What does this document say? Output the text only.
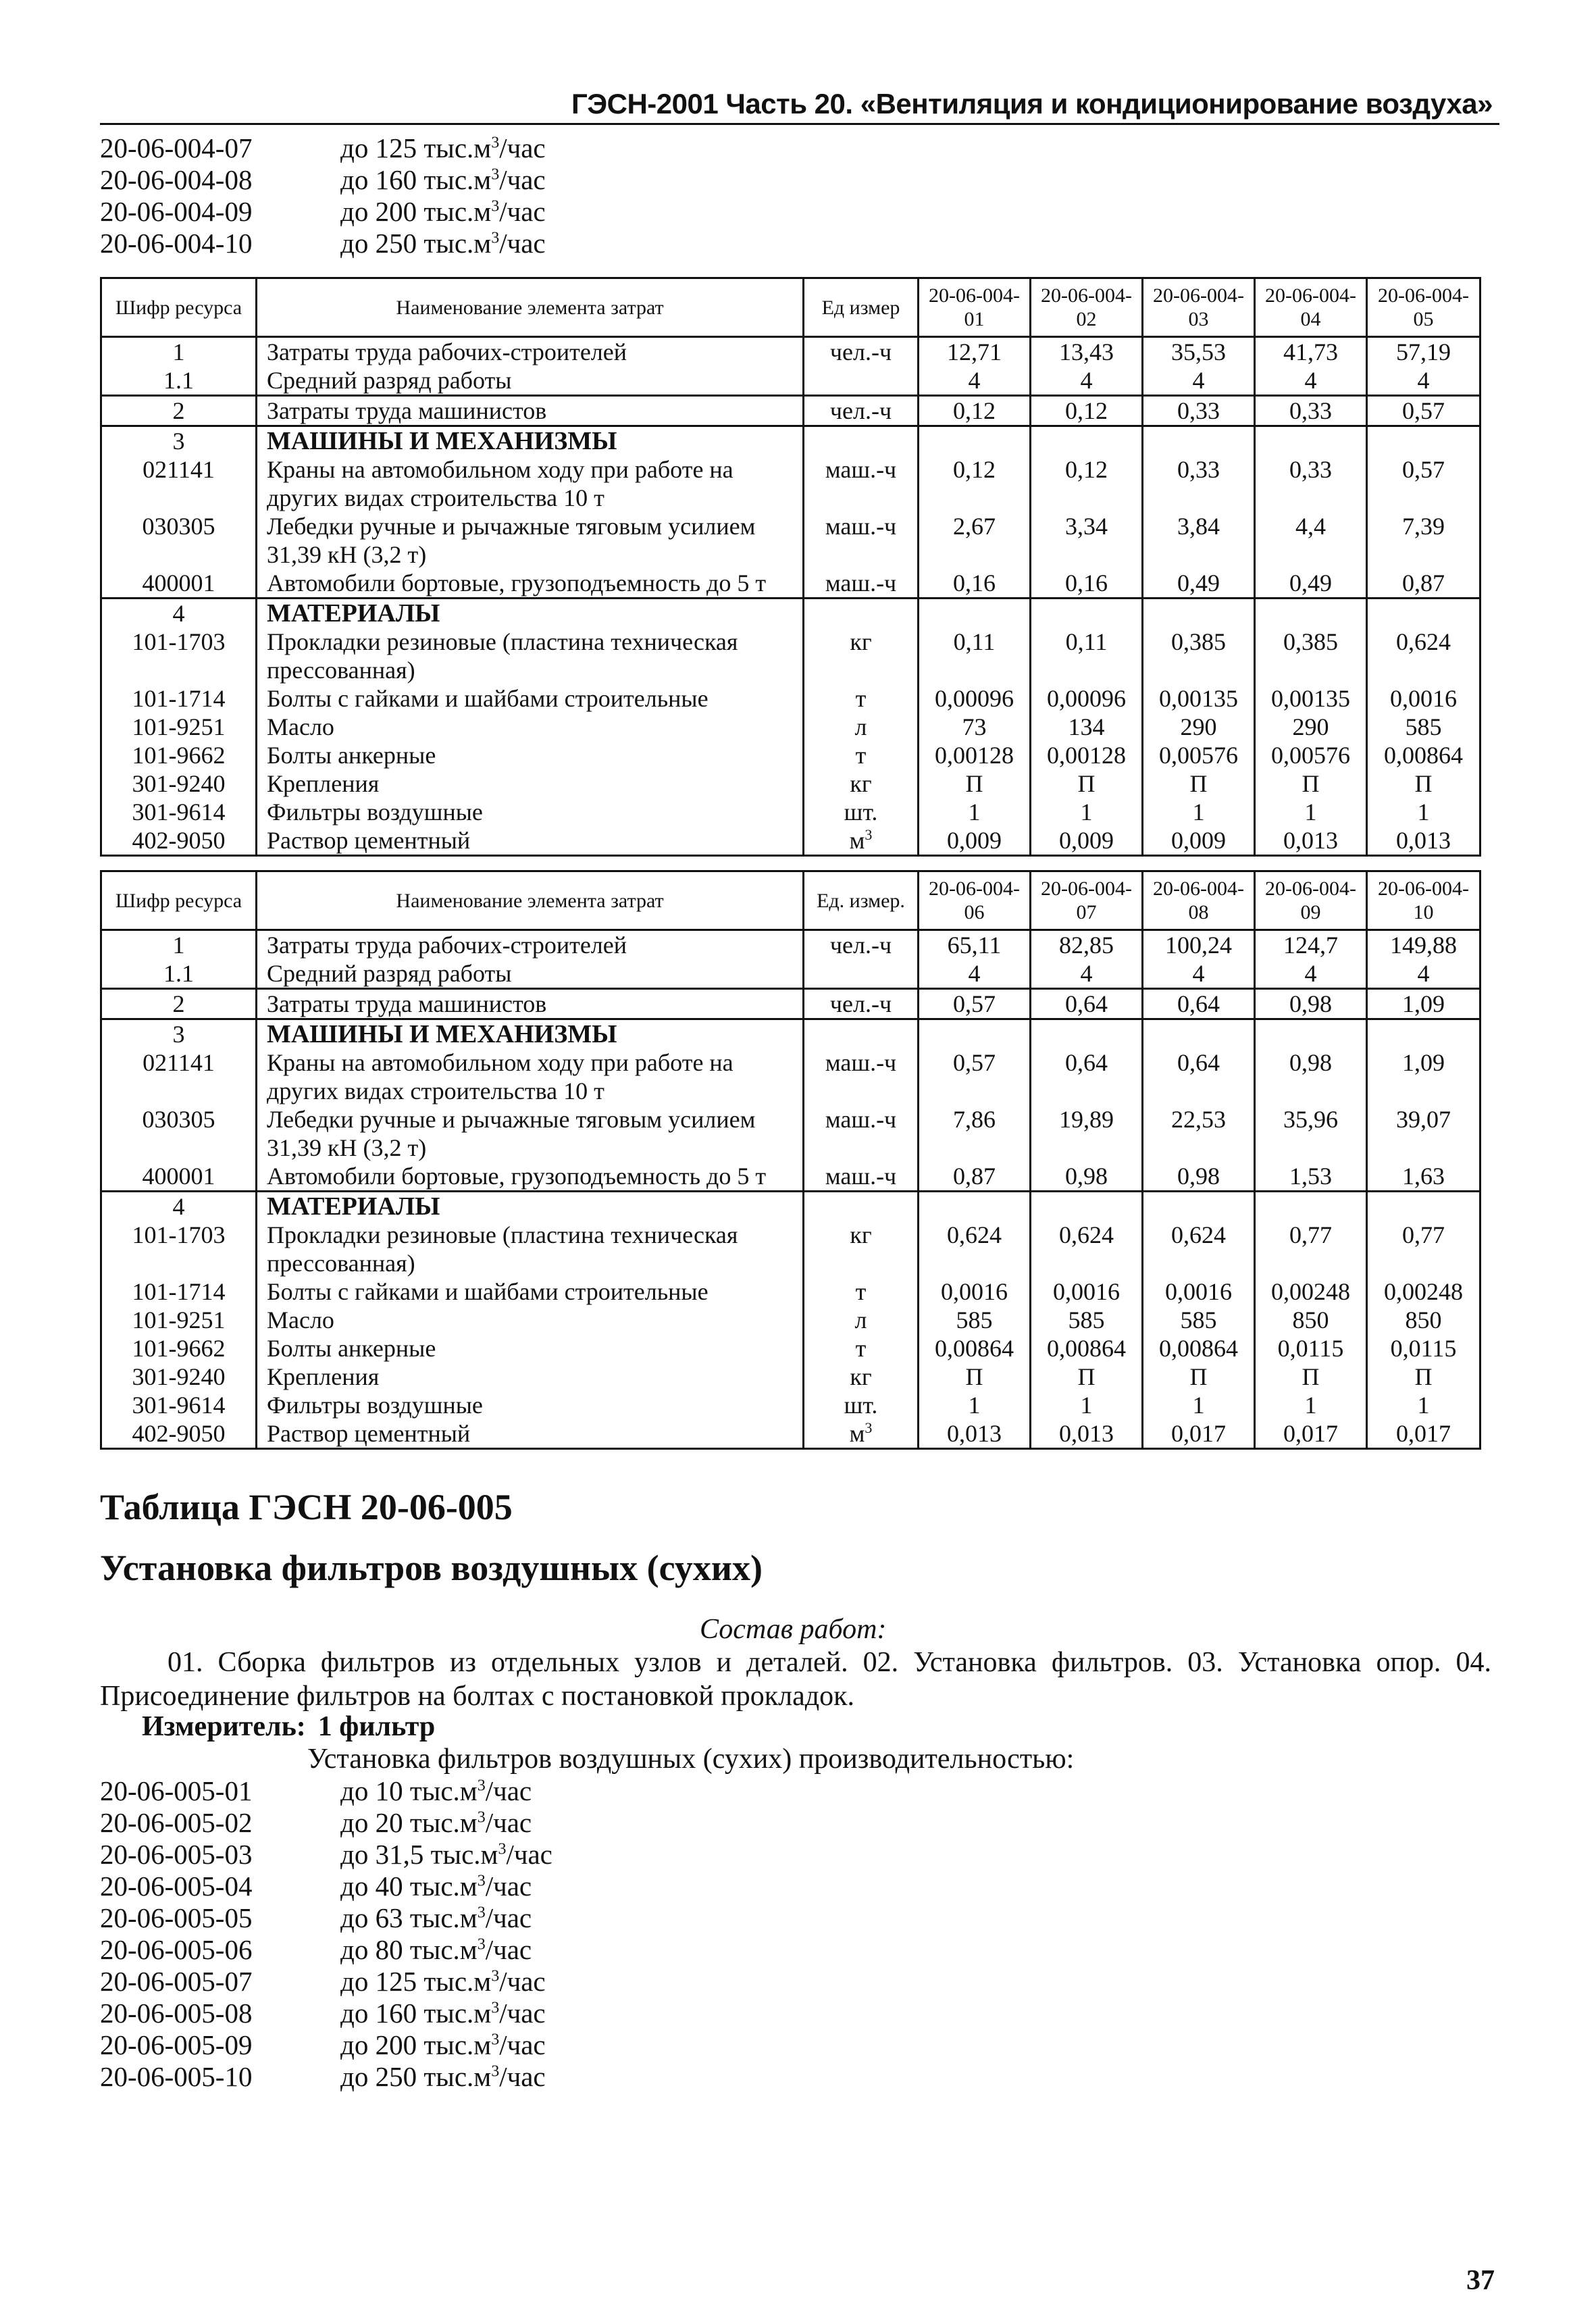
ГЭСН-2001 Часть 20. «Вентиляция и кондиционирование воздуха»
20-06-004-07	до 125 $тыс.м^3$/час
20-06-004-08	до 160 $тыс.м^3$/час
20-06-004-09	до 200 $тыс.м^3$/час
20-06-004-10	до 250 $тыс.м^3$/час
Шифр ресурса	Наименование элемента затрат	Ед измер	20-06-004-01	20-06-004-02	20-06-004-03	20-06-004-04	20-06-004-05
1	Затраты труда рабочих-строителей	чел.-ч	12,71	13,43	35,53	41,73	57,19
1.1	Средний разряд работы		4	4	4	4	4
2	Затраты труда машинистов	чел.-ч	0,12	0,12	0,33	0,33	0,57
3	МАШИНЫ И МЕХАНИЗМЫ						
021141	Краны на автомобильном ходу при работе на других видах строительства 10 т	маш.-ч	0,12	0,12	0,33	0,33	0,57
030305	Лебедки ручные и рычажные тяговым усилием 31,39 кН (3,2 т)	маш.-ч	2,67	3,34	3,84	4,4	7,39
400001	Автомобили бортовые, грузоподъемность до 5 т	маш.-ч	0,16	0,16	0,49	0,49	0,87
4	МАТЕРИАЛЫ						
101-1703	Прокладки резиновые (пластина техническая прессованная)	кг	0,11	0,11	0,385	0,385	0,624
101-1714	Болты с гайками и шайбами строительные	т	0,00096	0,00096	0,00135	0,00135	0,0016
101-9251	Масло	л	73	134	290	290	585
101-9662	Болты анкерные	т	0,00128	0,00128	0,00576	0,00576	0,00864
301-9240	Крепления	кг	П	П	П	П	П
301-9614	Фильтры воздушные	шт.	1	1	1	1	1
402-9050	Раствор цементный	$м^3$	0,009	0,009	0,009	0,013	0,013
Шифр ресурса	Наименование элемента затрат	Ед. измер.	20-06-004-06	20-06-004-07	20-06-004-08	20-06-004-09	20-06-004-10
1	Затраты труда рабочих-строителей	чел.-ч	65,11	82,85	100,24	124,7	149,88
1.1	Средний разряд работы		4	4	4	4	4
2	Затраты труда машинистов	чел.-ч	0,57	0,64	0,64	0,98	1,09
3	МАШИНЫ И МЕХАНИЗМЫ						
021141	Краны на автомобильном ходу при работе на других видах строительства 10 т	маш.-ч	0,57	0,64	0,64	0,98	1,09
030305	Лебедки ручные и рычажные тяговым усилием 31,39 кН (3,2 т)	маш.-ч	7,86	19,89	22,53	35,96	39,07
400001	Автомобили бортовые, грузоподъемность до 5 т	маш.-ч	0,87	0,98	0,98	1,53	1,63
4	МАТЕРИАЛЫ						
101-1703	Прокладки резиновые (пластина техническая прессованная)	кг	0,624	0,624	0,624	0,77	0,77
101-1714	Болты с гайками и шайбами строительные	т	0,0016	0,0016	0,0016	0,00248	0,00248
101-9251	Масло	л	585	585	585	850	850
101-9662	Болты анкерные	т	0,00864	0,00864	0,00864	0,0115	0,0115
301-9240	Крепления	кг	П	П	П	П	П
301-9614	Фильтры воздушные	шт.	1	1	1	1	1
402-9050	Раствор цементный	$м^3$	0,013	0,013	0,017	0,017	0,017
Таблица ГЭСН 20-06-005
Установка фильтров воздушных (сухих)
Состав работ:
01. Сборка фильтров из отдельных узлов и деталей. 02. Установка фильтров. 03. Установка опор. 04. Присоединение фильтров на болтах с постановкой прокладок.
Измеритель: 1 фильтр
Установка фильтров воздушных (сухих) производительностью:
20-06-005-01	до 10 $тыс.м^3$/час
20-06-005-02	до 20 $тыс.м^3$/час
20-06-005-03	до 31,5 $тыс.м^3$/час
20-06-005-04	до 40 $тыс.м^3$/час
20-06-005-05	до 63 $тыс.м^3$/час
20-06-005-06	до 80 $тыс.м^3$/час
20-06-005-07	до 125 $тыс.м^3$/час
20-06-005-08	до 160 $тыс.м^3$/час
20-06-005-09	до 200 $тыс.м^3$/час
20-06-005-10	до 250 $тыс.м^3$/час
37
